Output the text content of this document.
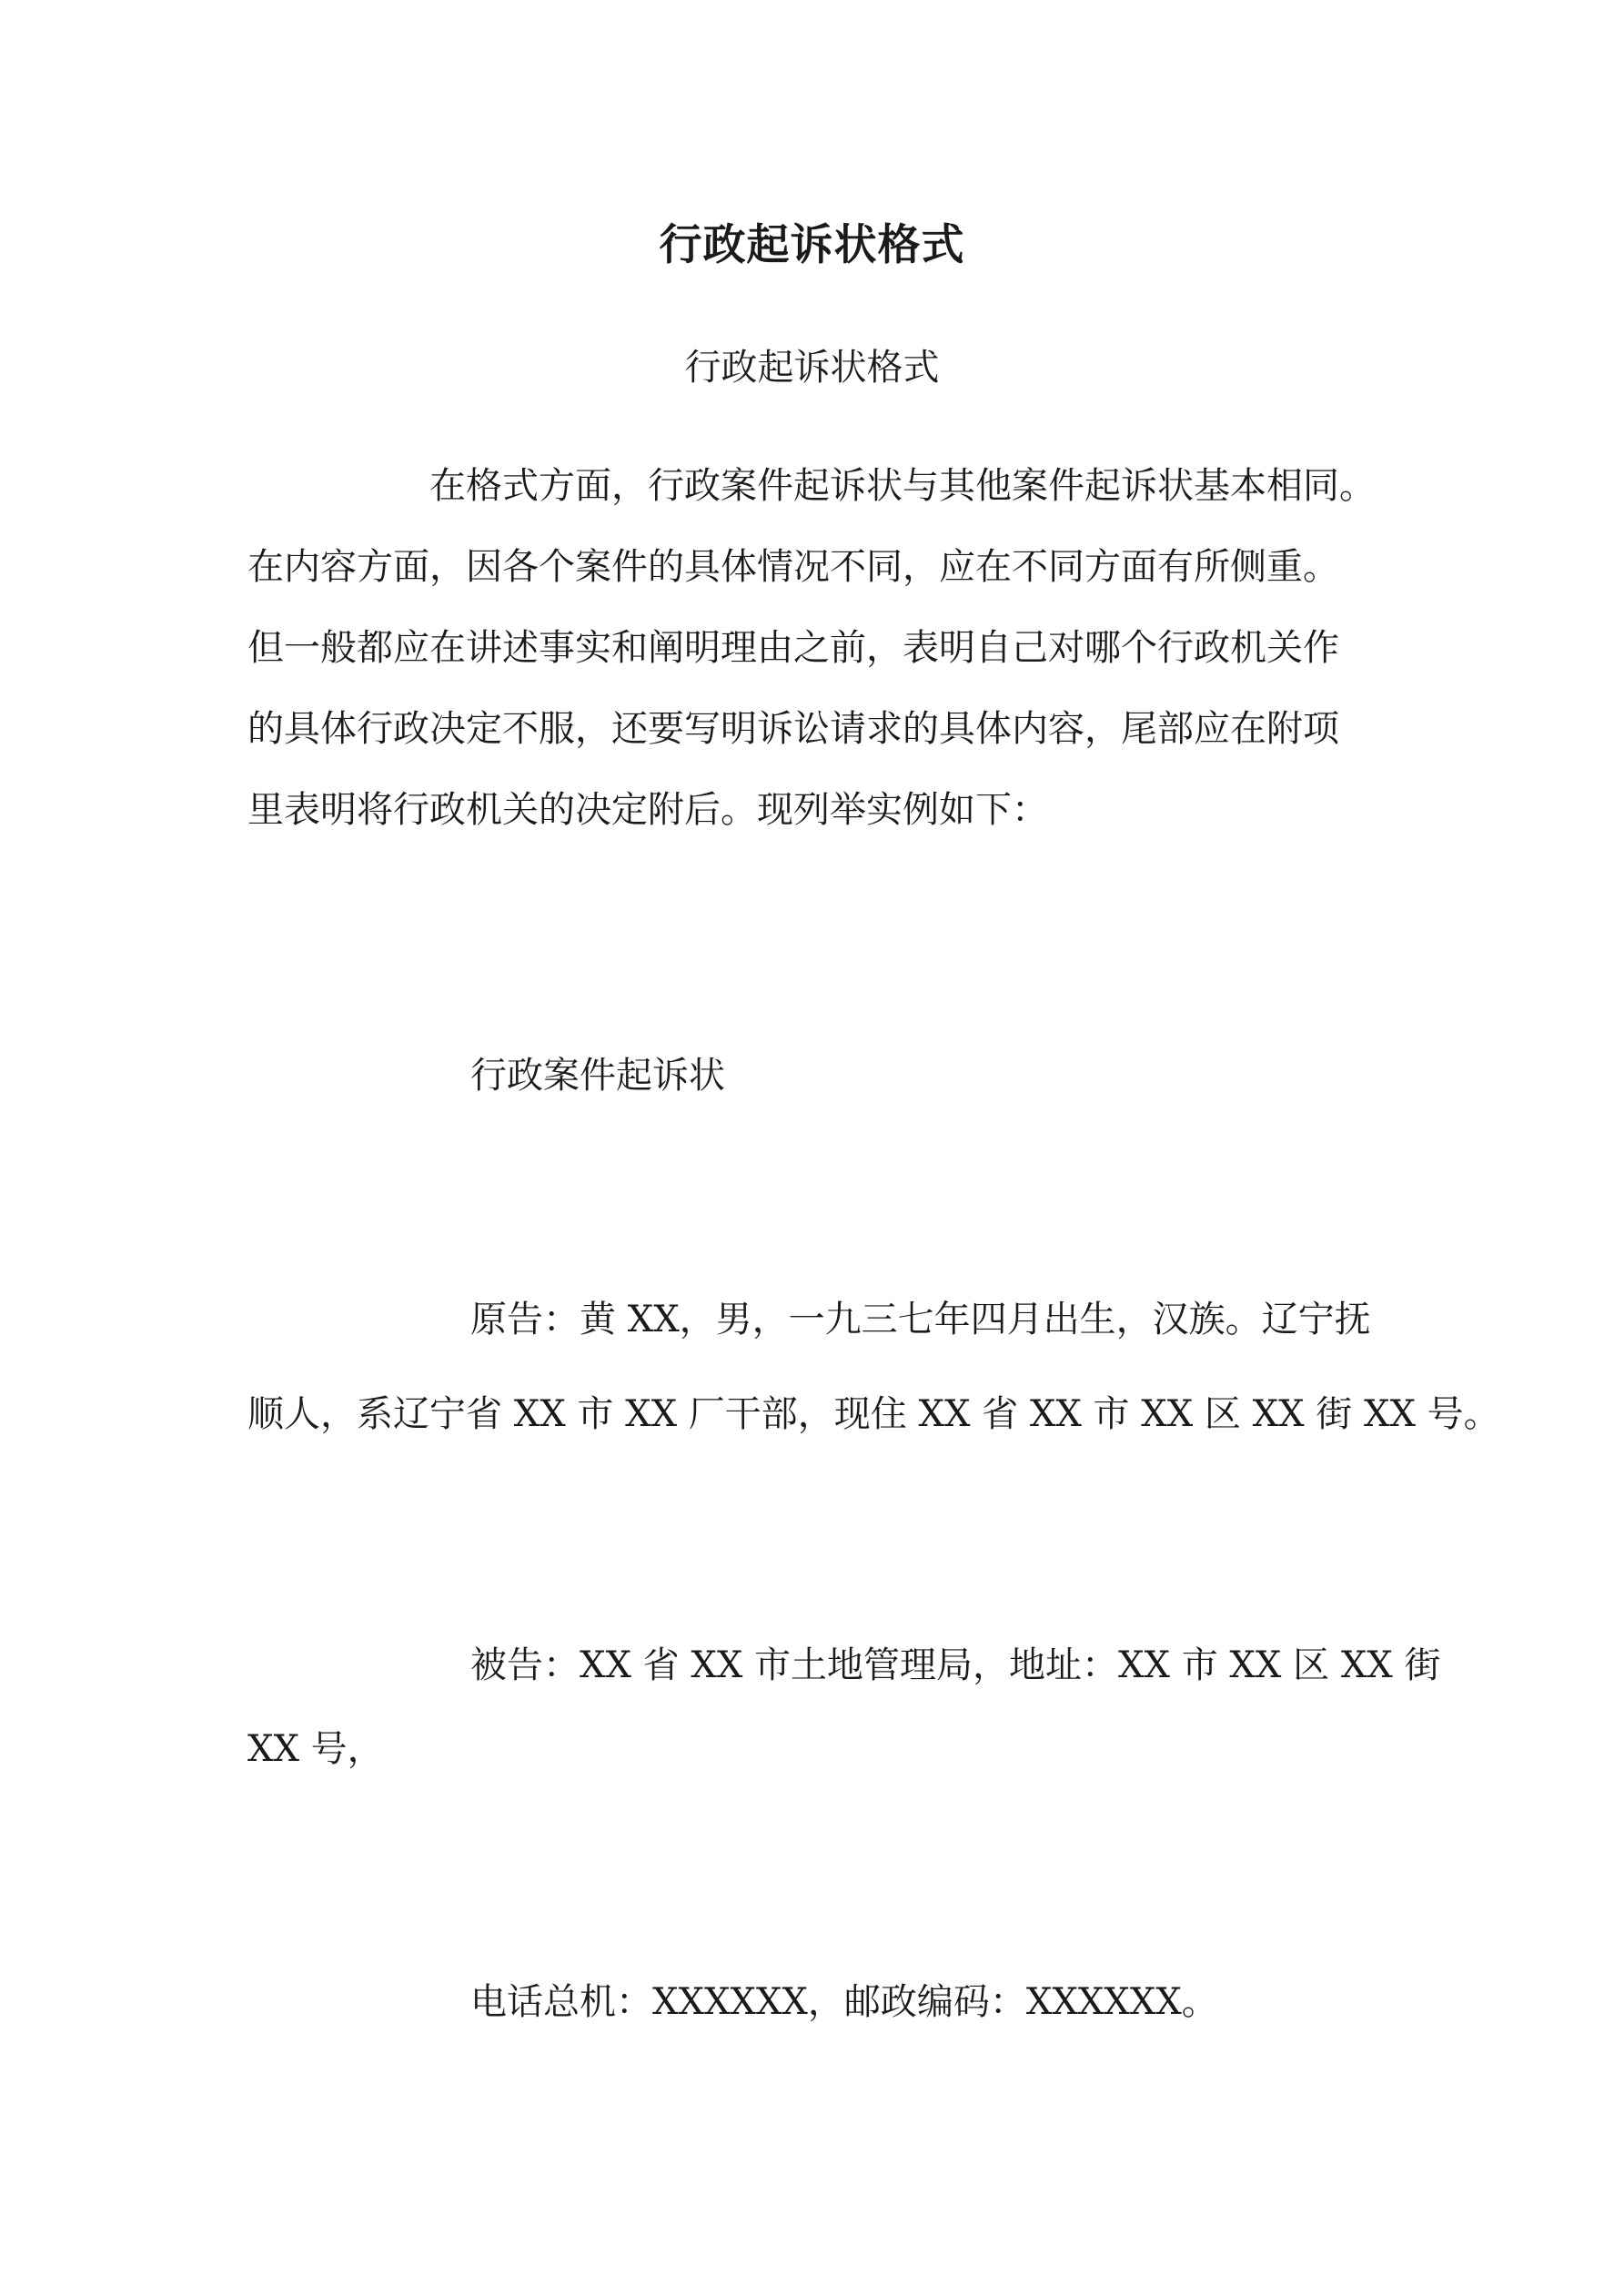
行政起诉状格式
行政起诉状格式
在格式方面，行政案件起诉状与其他案件起诉状基本相同。
在内容方面，因各个案件的具体情况不同，应在不同方面有所侧重。
但一般都应在讲述事实和阐明理由之前，表明自己对哪个行政机关作
的具体行政决定不服，还要写明诉讼请求的具体内容，尾部应在附项
里表明将行政机关的决定附后。现列举实例如下：
行政案件起诉状
原告：黄 XX，男，一九三七年四月出生，汉族。辽宁抚
顺人，系辽宁省 XX 市 XX 厂干部，现住 XX 省 XX 市 XX 区 XX 街 XX 号。
被告：XX 省 XX 市土地管理局，地址：XX 市 XX 区 XX 街
XX 号，
电话总机：XXXXXX，邮政编码：XXXXXX。
